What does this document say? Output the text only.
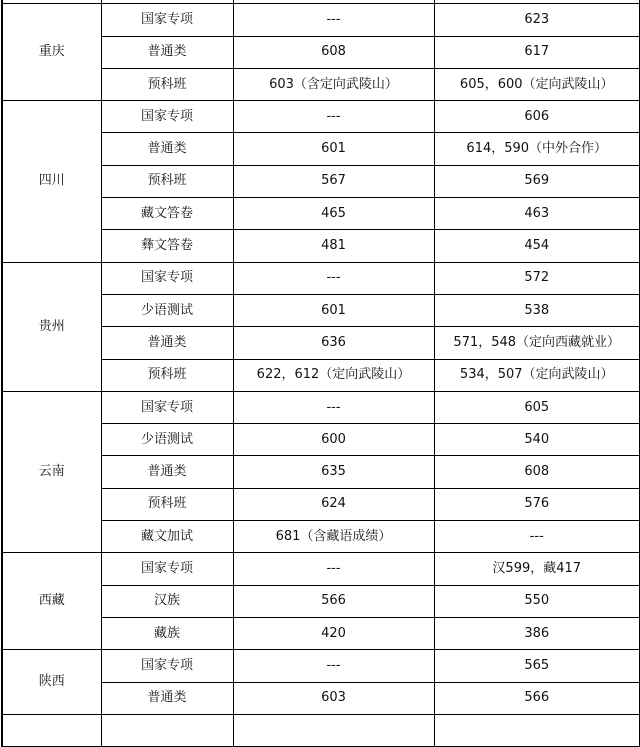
重庆	国家专项	---	623
	普通类	608	617
	预科班	603（含定向武陵山）	605，600（定向武陵山）
四川	国家专项	---	606
	普通类	601	614，590（中外合作）
	预科班	567	569
	藏文答卷	465	463
	彝文答卷	481	454
贵州	国家专项	---	572
	少语测试	601	538
	普通类	636	571，548（定向西藏就业）
	预科班	622，612（定向武陵山）	534，507（定向武陵山）
云南	国家专项	---	605
	少语测试	600	540
	普通类	635	608
	预科班	624	576
	藏文加试	681（含藏语成绩）	---
西藏	国家专项	---	汉599，藏417
	汉族	566	550
	藏族	420	386
陕西	国家专项	---	565
	普通类	603	566
